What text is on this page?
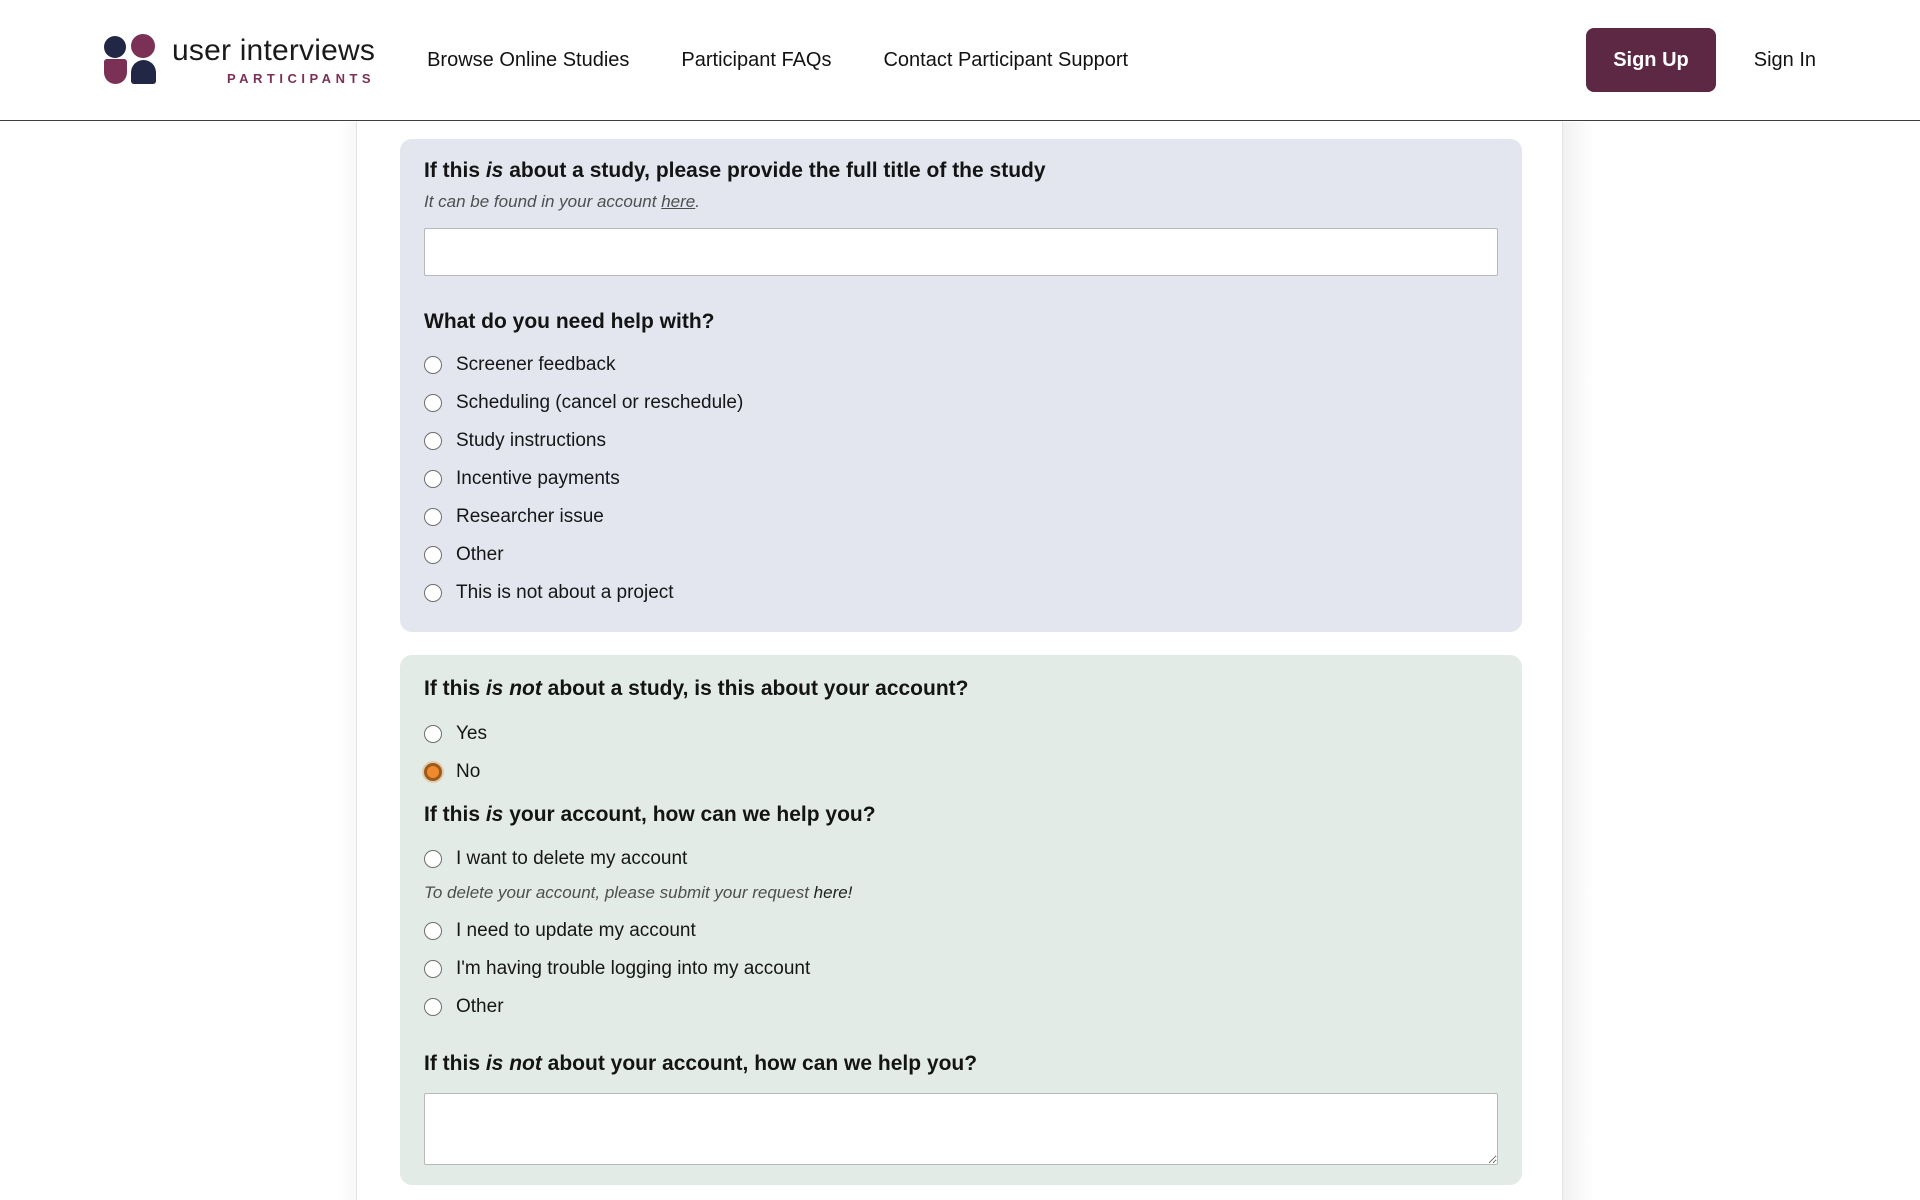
user interviews
PARTICIPANTS
Browse Online Studies	Participant FAQs	Contact Participant Support	Sign Up	Sign In
If this is about a study, please provide the full title of the study

It can be found in your account here.

What do you need help with?
Screener feedback
Scheduling (cancel or reschedule)
Study instructions
Incentive payments
Researcher issue
Other
This is not about a project
If this is not about a study, is this about your account?
Yes
No
If this is your account, how can we help you?
I want to delete my account

To delete your account, please submit your request here!

I need to update my account
I'm having trouble logging into my account
Other
If this is not about your account, how can we help you?
